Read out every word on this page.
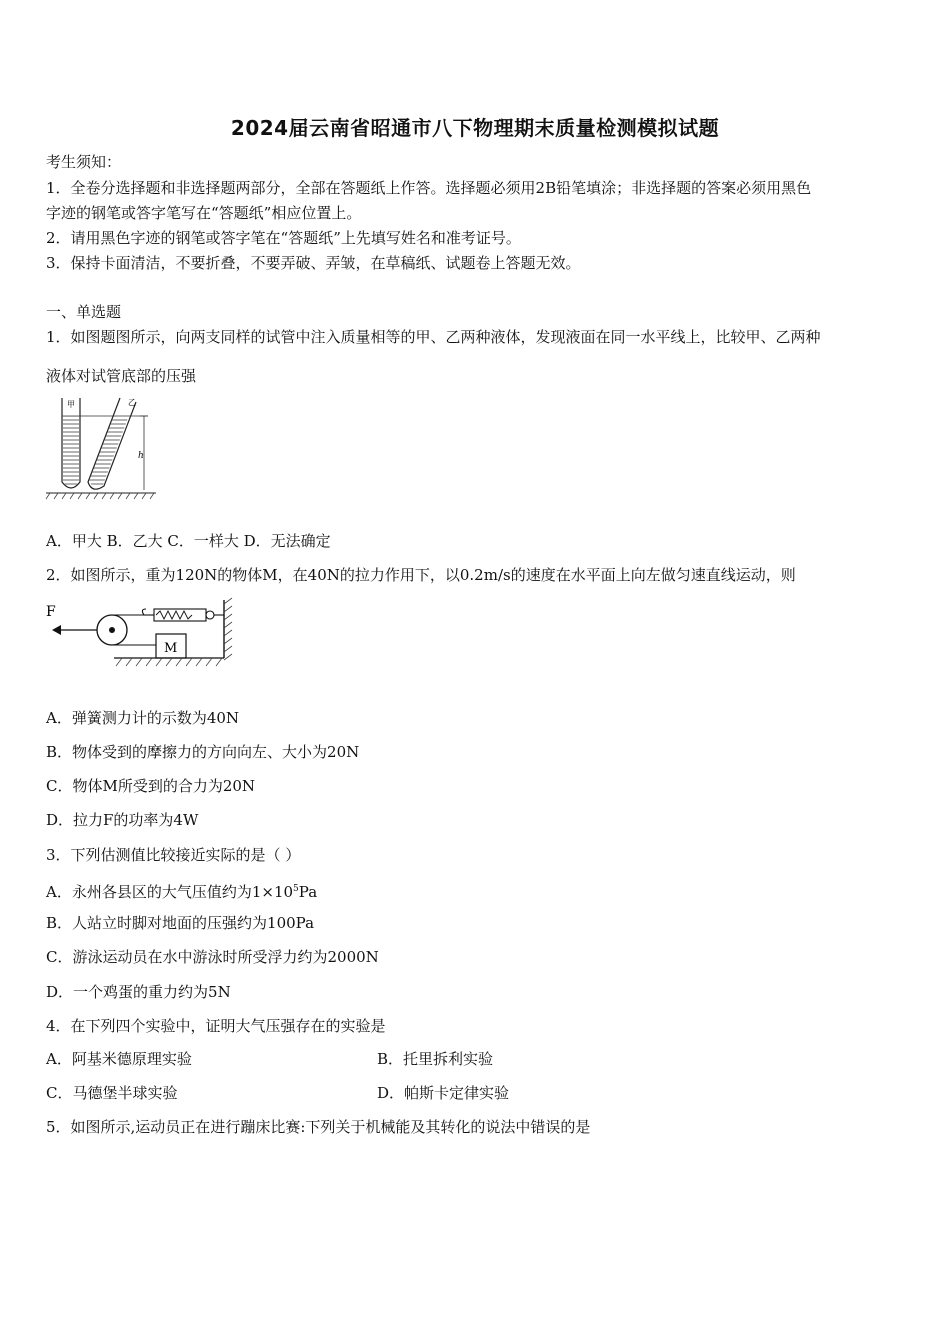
2024届云南省昭通市八下物理期末质量检测模拟试题
考生须知：
1．全卷分选择题和非选择题两部分，全部在答题纸上作答。选择题必须用2B铅笔填涂；非选择题的答案必须用黑色
字迹的钢笔或答字笔写在“答题纸”相应位置上。
2．请用黑色字迹的钢笔或答字笔在“答题纸”上先填写姓名和准考证号。
3．保持卡面清洁，不要折叠，不要弄破、弄皱，在草稿纸、试题卷上答题无效。
一、单选题
1．如图题图所示，向两支同样的试管中注入质量相等的甲、乙两种液体，发现液面在同一水平线上，比较甲、乙两种
液体对试管底部的压强
甲	乙
h
A．甲大 B．乙大 C．一样大 D．无法确定
2．如图所示，重为120N的物体M，在40N的拉力作用下，以0.2m/s的速度在水平面上向左做匀速直线运动，则
F
M
A．弹簧测力计的示数为40N
B．物体受到的摩擦力的方向向左、大小为20N
C．物体M所受到的合力为20N
D．拉力F的功率为4W
3．下列估测值比较接近实际的是（ ）
A．永州各县区的大气压值约为$1\times 10^5Pa$
B．人站立时脚对地面的压强约为100Pa
C．游泳运动员在水中游泳时所受浮力约为2000N
D．一个鸡蛋的重力约为5N
4．在下列四个实验中，证明大气压强存在的实验是
A．阿基米德原理实验	B．托里拆利实验
C．马德堡半球实验	D．帕斯卡定律实验
5．如图所示,运动员正在进行蹦床比赛:下列关于机械能及其转化的说法中错误的是
